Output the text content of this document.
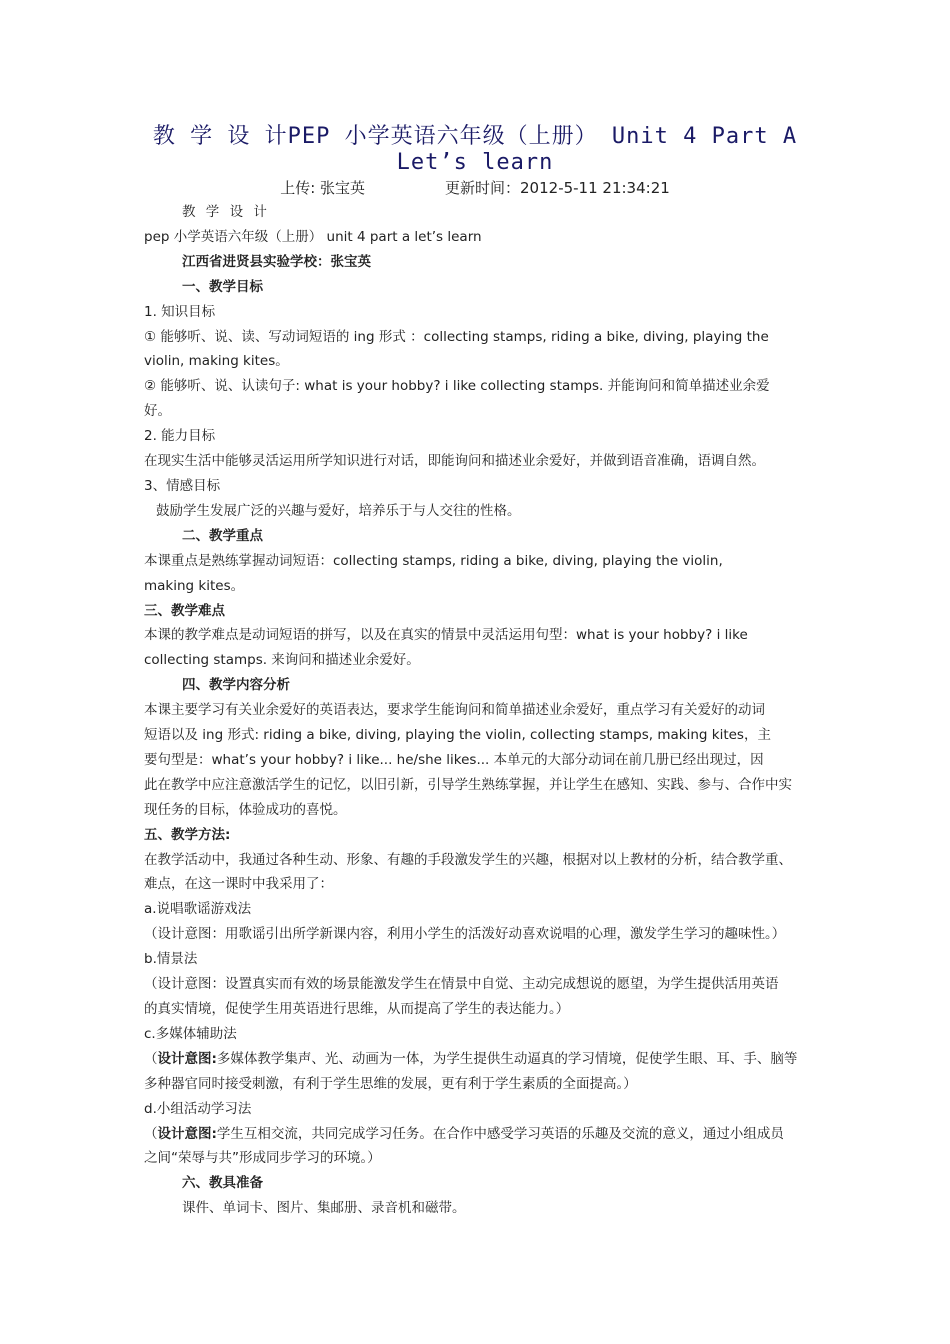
教 学 设 计PEP 小学英语六年级（上册） Unit 4 Part A
Let’s learn
上传: 张宝英	更新时间：2012-5-11 21:34:21

教 学 设 计

pep 小学英语六年级（上册） unit 4 part a let’s learn

江西省进贤县实验学校：张宝英

一、教学目标

1. 知识目标

① 能够听、说、读、写动词短语的 ing 形式 ：collecting stamps, riding a bike, diving, playing the

violin, making kites。

② 能够听、说、认读句子: what is your hobby? i like collecting stamps. 并能询问和简单描述业余爱

好。

2. 能力目标

在现实生活中能够灵活运用所学知识进行对话，即能询问和描述业余爱好，并做到语音准确，语调自然。

3、情感目标

鼓励学生发展广泛的兴趣与爱好，培养乐于与人交往的性格。

二、教学重点

本课重点是熟练掌握动词短语：collecting stamps, riding a bike, diving, playing the violin,

making kites。

三、教学难点

本课的教学难点是动词短语的拼写，以及在真实的情景中灵活运用句型：what is your hobby? i like

collecting stamps. 来询问和描述业余爱好。

四、教学内容分析

本课主要学习有关业余爱好的英语表达，要求学生能询问和简单描述业余爱好，重点学习有关爱好的动词

短语以及 ing 形式: riding a bike, diving, playing the violin, collecting stamps, making kites，主

要句型是：what’s your hobby? i like... he/she likes... 本单元的大部分动词在前几册已经出现过，因

此在教学中应注意激活学生的记忆，以旧引新，引导学生熟练掌握，并让学生在感知、实践、参与、合作中实

现任务的目标，体验成功的喜悦。

五、教学方法:

在教学活动中，我通过各种生动、形象、有趣的手段激发学生的兴趣，根据对以上教材的分析，结合教学重、

难点，在这一课时中我采用了：

a.说唱歌谣游戏法

（设计意图：用歌谣引出所学新课内容，利用小学生的活泼好动喜欢说唱的心理，激发学生学习的趣味性。）

b.情景法

（设计意图：设置真实而有效的场景能激发学生在情景中自觉、主动完成想说的愿望，为学生提供活用英语

的真实情境，促使学生用英语进行思维，从而提高了学生的表达能力。）

c.多媒体辅助法

（设计意图:多媒体教学集声、光、动画为一体，为学生提供生动逼真的学习情境，促使学生眼、耳、手、脑等

多种器官同时接受刺激，有利于学生思维的发展，更有利于学生素质的全面提高。）

d.小组活动学习法

（设计意图:学生互相交流，共同完成学习任务。在合作中感受学习英语的乐趣及交流的意义，通过小组成员

之间“荣辱与共”形成同步学习的环境。）

六、教具准备

课件、单词卡、图片、集邮册、录音机和磁带。
